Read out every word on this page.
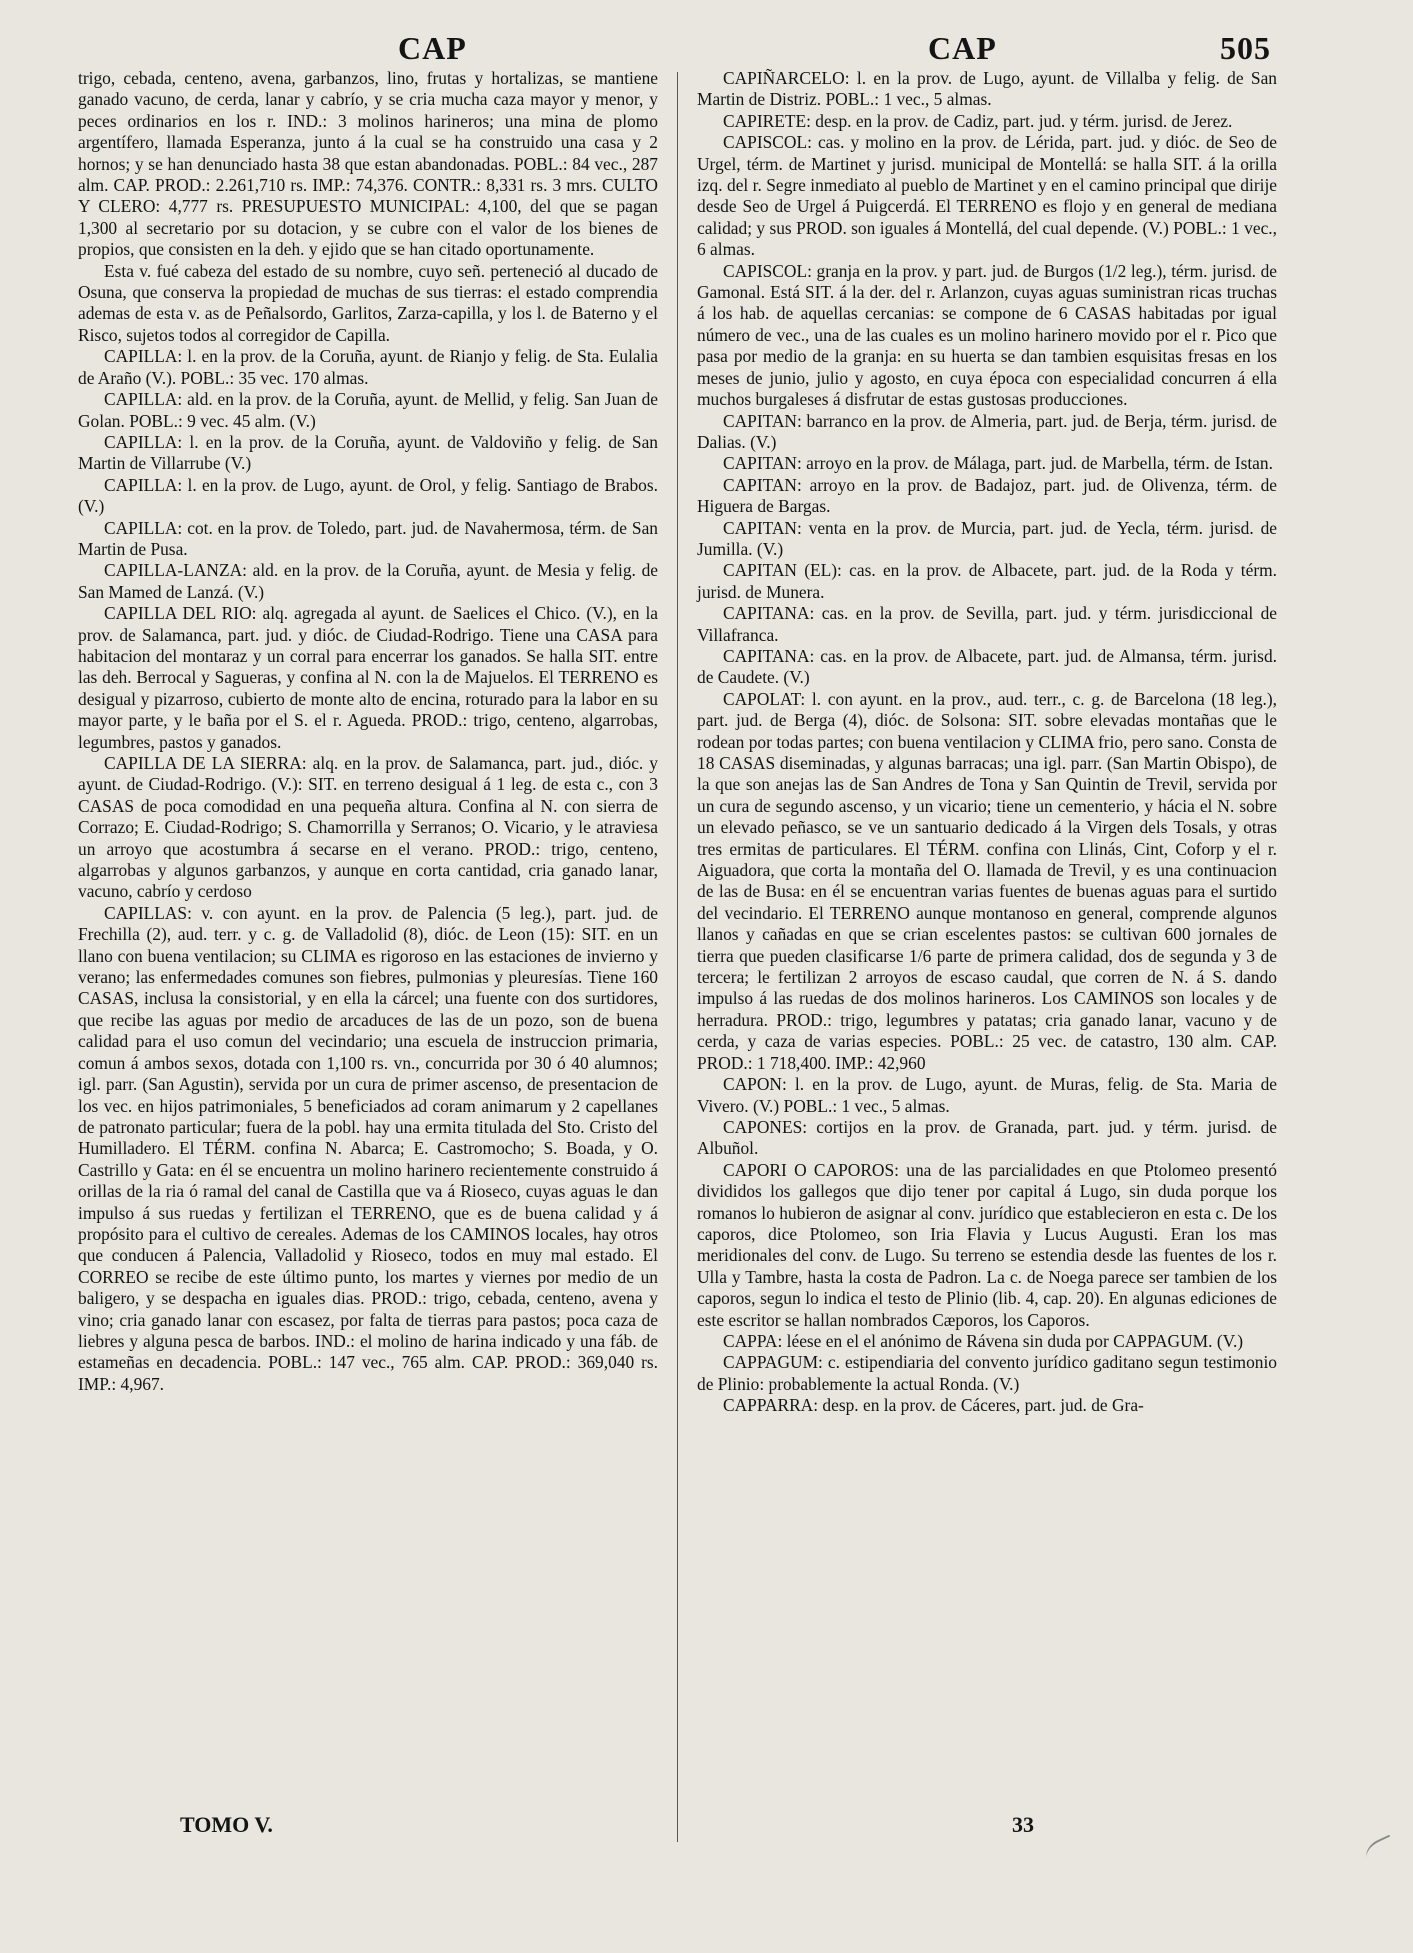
CAP	CAP	505

trigo, cebada, centeno, avena, garbanzos, lino, frutas y hortalizas, se mantiene ganado vacuno, de cerda, lanar y cabrío, y se cria mucha caza mayor y menor, y peces ordinarios en los r. IND.: 3 molinos harineros; una mina de plomo argentífero, llamada Esperanza, junto á la cual se ha construido una casa y 2 hornos; y se han denunciado hasta 38 que estan abandonadas. POBL.: 84 vec., 287 alm. CAP. PROD.: 2.261,710 rs. IMP.: 74,376. CONTR.: 8,331 rs. 3 mrs. CULTO Y CLERO: 4,777 rs. PRESUPUESTO MUNICIPAL: 4,100, del que se pagan 1,300 al secretario por su dotacion, y se cubre con el valor de los bienes de propios, que consisten en la deh. y ejido que se han citado oportunamente.

Esta v. fué cabeza del estado de su nombre, cuyo señ. perteneció al ducado de Osuna, que conserva la propiedad de muchas de sus tierras: el estado comprendia ademas de esta v. as de Peñalsordo, Garlitos, Zarza-capilla, y los l. de Baterno y el Risco, sujetos todos al corregidor de Capilla.

CAPILLA: l. en la prov. de la Coruña, ayunt. de Rianjo y felig. de Sta. Eulalia de Araño (V.). POBL.: 35 vec. 170 almas.

CAPILLA: ald. en la prov. de la Coruña, ayunt. de Mellid, y felig. San Juan de Golan. POBL.: 9 vec. 45 alm. (V.)

CAPILLA: l. en la prov. de la Coruña, ayunt. de Valdoviño y felig. de San Martin de Villarrube (V.)

CAPILLA: l. en la prov. de Lugo, ayunt. de Orol, y felig. Santiago de Brabos. (V.)

CAPILLA: cot. en la prov. de Toledo, part. jud. de Navahermosa, térm. de San Martin de Pusa.

CAPILLA-LANZA: ald. en la prov. de la Coruña, ayunt. de Mesia y felig. de San Mamed de Lanzá. (V.)

CAPILLA DEL RIO: alq. agregada al ayunt. de Saelices el Chico. (V.), en la prov. de Salamanca, part. jud. y dióc. de Ciudad-Rodrigo. Tiene una CASA para habitacion del montaraz y un corral para encerrar los ganados. Se halla SIT. entre las deh. Berrocal y Sagueras, y confina al N. con la de Majuelos. El TERRENO es desigual y pizarroso, cubierto de monte alto de encina, roturado para la labor en su mayor parte, y le baña por el S. el r. Agueda. PROD.: trigo, centeno, algarrobas, legumbres, pastos y ganados.

CAPILLA DE LA SIERRA: alq. en la prov. de Salamanca, part. jud., dióc. y ayunt. de Ciudad-Rodrigo. (V.): SIT. en terreno desigual á 1 leg. de esta c., con 3 CASAS de poca comodidad en una pequeña altura. Confina al N. con sierra de Corrazo; E. Ciudad-Rodrigo; S. Chamorrilla y Serranos; O. Vicario, y le atraviesa un arroyo que acostumbra á secarse en el verano. PROD.: trigo, centeno, algarrobas y algunos garbanzos, y aunque en corta cantidad, cria ganado lanar, vacuno, cabrío y cerdoso

CAPILLAS: v. con ayunt. en la prov. de Palencia (5 leg.), part. jud. de Frechilla (2), aud. terr. y c. g. de Valladolid (8), dióc. de Leon (15): SIT. en un llano con buena ventilacion; su CLIMA es rigoroso en las estaciones de invierno y verano; las enfermedades comunes son fiebres, pulmonias y pleuresías. Tiene 160 CASAS, inclusa la consistorial, y en ella la cárcel; una fuente con dos surtidores, que recibe las aguas por medio de arcaduces de las de un pozo, son de buena calidad para el uso comun del vecindario; una escuela de instruccion primaria, comun á ambos sexos, dotada con 1,100 rs. vn., concurrida por 30 ó 40 alumnos; igl. parr. (San Agustin), servida por un cura de primer ascenso, de presentacion de los vec. en hijos patrimoniales, 5 beneficiados ad coram animarum y 2 capellanes de patronato particular; fuera de la pobl. hay una ermita titulada del Sto. Cristo del Humilladero. El TÉRM. confina N. Abarca; E. Castromocho; S. Boada, y O. Castrillo y Gata: en él se encuentra un molino harinero recientemente construido á orillas de la ria ó ramal del canal de Castilla que va á Rioseco, cuyas aguas le dan impulso á sus ruedas y fertilizan el TERRENO, que es de buena calidad y á propósito para el cultivo de cereales. Ademas de los CAMINOS locales, hay otros que conducen á Palencia, Valladolid y Rioseco, todos en muy mal estado. El CORREO se recibe de este último punto, los martes y viernes por medio de un baligero, y se despacha en iguales dias. PROD.: trigo, cebada, centeno, avena y vino; cria ganado lanar con escasez, por falta de tierras para pastos; poca caza de liebres y alguna pesca de barbos. IND.: el molino de harina indicado y una fáb. de estameñas en decadencia. POBL.: 147 vec., 765 alm. CAP. PROD.: 369,040 rs. IMP.: 4,967.

CAPIÑARCELO: l. en la prov. de Lugo, ayunt. de Villalba y felig. de San Martin de Distriz. POBL.: 1 vec., 5 almas.

CAPIRETE: desp. en la prov. de Cadiz, part. jud. y térm. jurisd. de Jerez.

CAPISCOL: cas. y molino en la prov. de Lérida, part. jud. y dióc. de Seo de Urgel, térm. de Martinet y jurisd. municipal de Montellá: se halla SIT. á la orilla izq. del r. Segre inmediato al pueblo de Martinet y en el camino principal que dirije desde Seo de Urgel á Puigcerdá. El TERRENO es flojo y en general de mediana calidad; y sus PROD. son iguales á Montellá, del cual depende. (V.) POBL.: 1 vec., 6 almas.

CAPISCOL: granja en la prov. y part. jud. de Burgos (1/2 leg.), térm. jurisd. de Gamonal. Está SIT. á la der. del r. Arlanzon, cuyas aguas suministran ricas truchas á los hab. de aquellas cercanias: se compone de 6 CASAS habitadas por igual número de vec., una de las cuales es un molino harinero movido por el r. Pico que pasa por medio de la granja: en su huerta se dan tambien esquisitas fresas en los meses de junio, julio y agosto, en cuya época con especialidad concurren á ella muchos burgaleses á disfrutar de estas gustosas producciones.

CAPITAN: barranco en la prov. de Almeria, part. jud. de Berja, térm. jurisd. de Dalias. (V.)

CAPITAN: arroyo en la prov. de Málaga, part. jud. de Marbella, térm. de Istan.

CAPITAN: arroyo en la prov. de Badajoz, part. jud. de Olivenza, térm. de Higuera de Bargas.

CAPITAN: venta en la prov. de Murcia, part. jud. de Yecla, térm. jurisd. de Jumilla. (V.)

CAPITAN (EL): cas. en la prov. de Albacete, part. jud. de la Roda y térm. jurisd. de Munera.

CAPITANA: cas. en la prov. de Sevilla, part. jud. y térm. jurisdiccional de Villafranca.

CAPITANA: cas. en la prov. de Albacete, part. jud. de Almansa, térm. jurisd. de Caudete. (V.)

CAPOLAT: l. con ayunt. en la prov., aud. terr., c. g. de Barcelona (18 leg.), part. jud. de Berga (4), dióc. de Solsona: SIT. sobre elevadas montañas que le rodean por todas partes; con buena ventilacion y CLIMA frio, pero sano. Consta de 18 CASAS diseminadas, y algunas barracas; una igl. parr. (San Martin Obispo), de la que son anejas las de San Andres de Tona y San Quintin de Trevil, servida por un cura de segundo ascenso, y un vicario; tiene un cementerio, y hácia el N. sobre un elevado peñasco, se ve un santuario dedicado á la Virgen dels Tosals, y otras tres ermitas de particulares. El TÉRM. confina con Llinás, Cint, Coforp y el r. Aiguadora, que corta la montaña del O. llamada de Trevil, y es una continuacion de las de Busa: en él se encuentran varias fuentes de buenas aguas para el surtido del vecindario. El TERRENO aunque montanoso en general, comprende algunos llanos y cañadas en que se crian escelentes pastos: se cultivan 600 jornales de tierra que pueden clasificarse 1/6 parte de primera calidad, dos de segunda y 3 de tercera; le fertilizan 2 arroyos de escaso caudal, que corren de N. á S. dando impulso á las ruedas de dos molinos harineros. Los CAMINOS son locales y de herradura. PROD.: trigo, legumbres y patatas; cria ganado lanar, vacuno y de cerda, y caza de varias especies. POBL.: 25 vec. de catastro, 130 alm. CAP. PROD.: 1 718,400. IMP.: 42,960

CAPON: l. en la prov. de Lugo, ayunt. de Muras, felig. de Sta. Maria de Vivero. (V.) POBL.: 1 vec., 5 almas.

CAPONES: cortijos en la prov. de Granada, part. jud. y térm. jurisd. de Albuñol.

CAPORI O CAPOROS: una de las parcialidades en que Ptolomeo presentó divididos los gallegos que dijo tener por capital á Lugo, sin duda porque los romanos lo hubieron de asignar al conv. jurídico que establecieron en esta c. De los caporos, dice Ptolomeo, son Iria Flavia y Lucus Augusti. Eran los mas meridionales del conv. de Lugo. Su terreno se estendia desde las fuentes de los r. Ulla y Tambre, hasta la costa de Padron. La c. de Noega parece ser tambien de los caporos, segun lo indica el testo de Plinio (lib. 4, cap. 20). En algunas ediciones de este escritor se hallan nombrados Cæporos, los Caporos.

CAPPA: léese en el el anónimo de Rávena sin duda por CAPPAGUM. (V.)

CAPPAGUM: c. estipendiaria del convento jurídico gaditano segun testimonio de Plinio: probablemente la actual Ronda. (V.)

CAPPARRA: desp. en la prov. de Cáceres, part. jud. de Gra-

TOMO V.	33
